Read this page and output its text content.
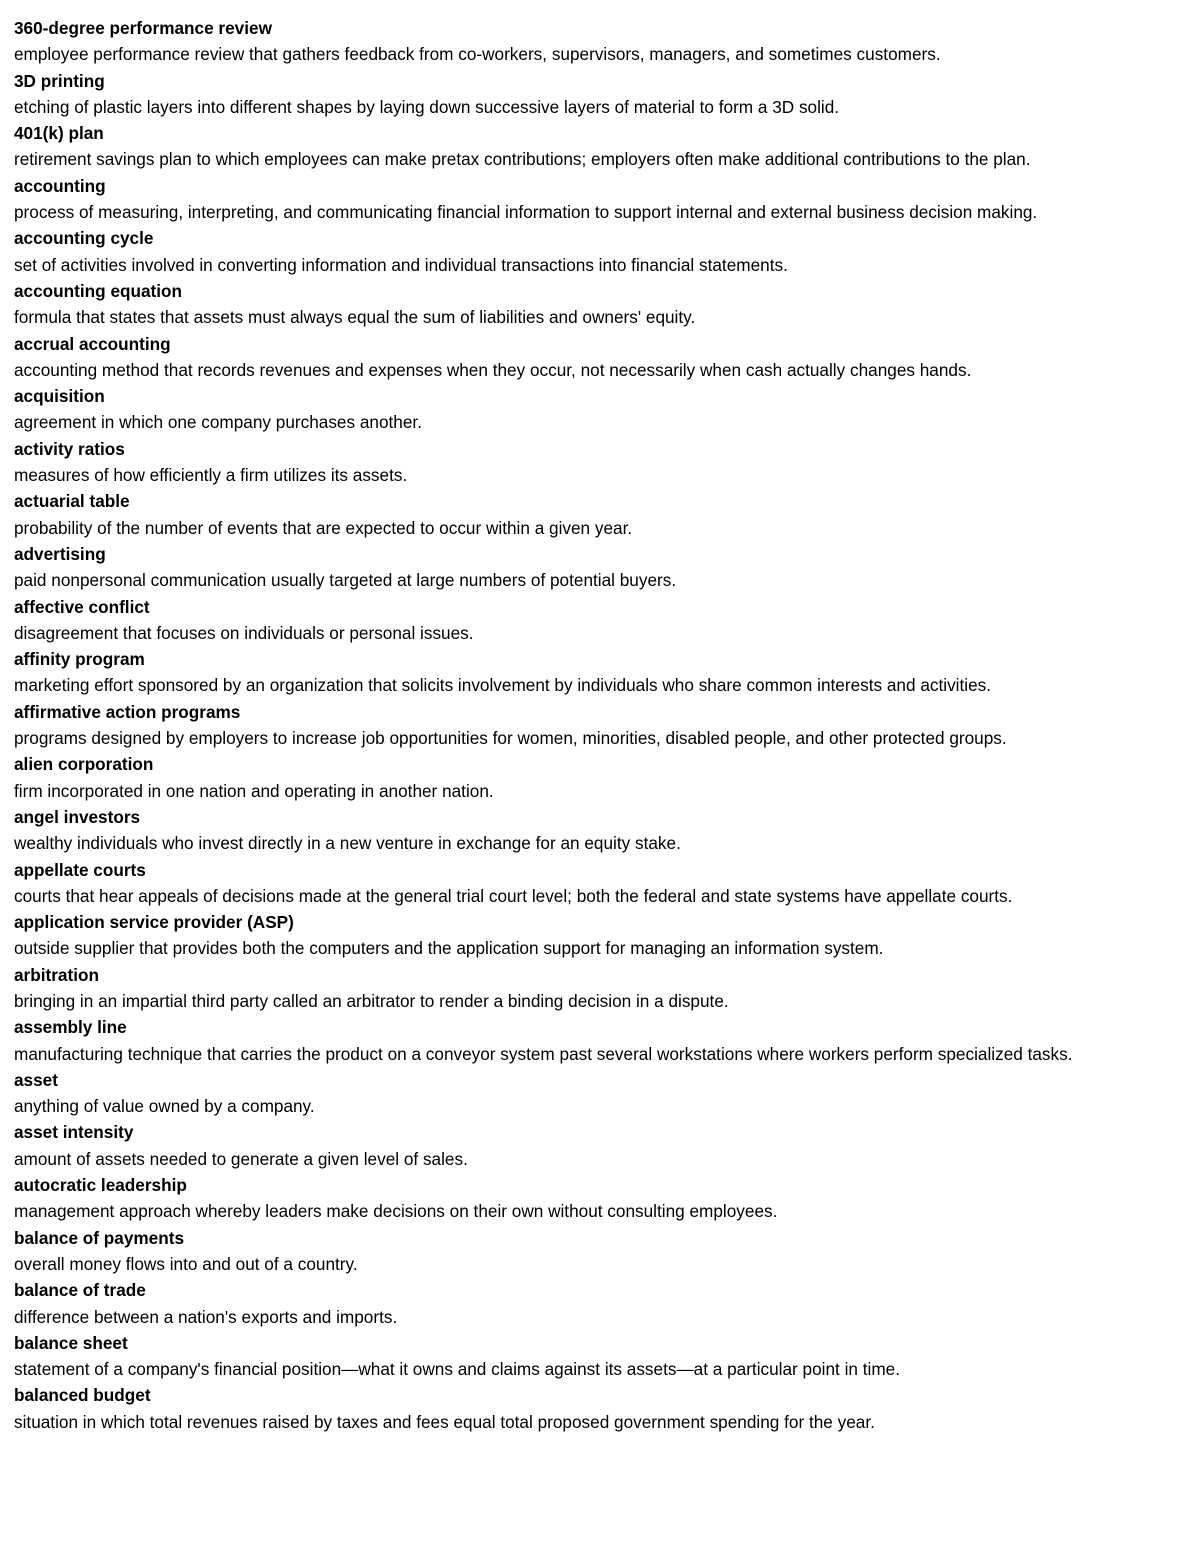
360-degree performance review
employee performance review that gathers feedback from co-workers, supervisors, managers, and sometimes customers.
3D printing
etching of plastic layers into different shapes by laying down successive layers of material to form a 3D solid.
401(k) plan
retirement savings plan to which employees can make pretax contributions; employers often make additional contributions to the plan.
accounting
process of measuring, interpreting, and communicating financial information to support internal and external business decision making.
accounting cycle
set of activities involved in converting information and individual transactions into financial statements.
accounting equation
formula that states that assets must always equal the sum of liabilities and owners' equity.
accrual accounting
accounting method that records revenues and expenses when they occur, not necessarily when cash actually changes hands.
acquisition
agreement in which one company purchases another.
activity ratios
measures of how efficiently a firm utilizes its assets.
actuarial table
probability of the number of events that are expected to occur within a given year.
advertising
paid nonpersonal communication usually targeted at large numbers of potential buyers.
affective conflict
disagreement that focuses on individuals or personal issues.
affinity program
marketing effort sponsored by an organization that solicits involvement by individuals who share common interests and activities.
affirmative action programs
programs designed by employers to increase job opportunities for women, minorities, disabled people, and other protected groups.
alien corporation
firm incorporated in one nation and operating in another nation.
angel investors
wealthy individuals who invest directly in a new venture in exchange for an equity stake.
appellate courts
courts that hear appeals of decisions made at the general trial court level; both the federal and state systems have appellate courts.
application service provider (ASP)
outside supplier that provides both the computers and the application support for managing an information system.
arbitration
bringing in an impartial third party called an arbitrator to render a binding decision in a dispute.
assembly line
manufacturing technique that carries the product on a conveyor system past several workstations where workers perform specialized tasks.
asset
anything of value owned by a company.
asset intensity
amount of assets needed to generate a given level of sales.
autocratic leadership
management approach whereby leaders make decisions on their own without consulting employees.
balance of payments
overall money flows into and out of a country.
balance of trade
difference between a nation's exports and imports.
balance sheet
statement of a company's financial position—what it owns and claims against its assets—at a particular point in time.
balanced budget
situation in which total revenues raised by taxes and fees equal total proposed government spending for the year.
